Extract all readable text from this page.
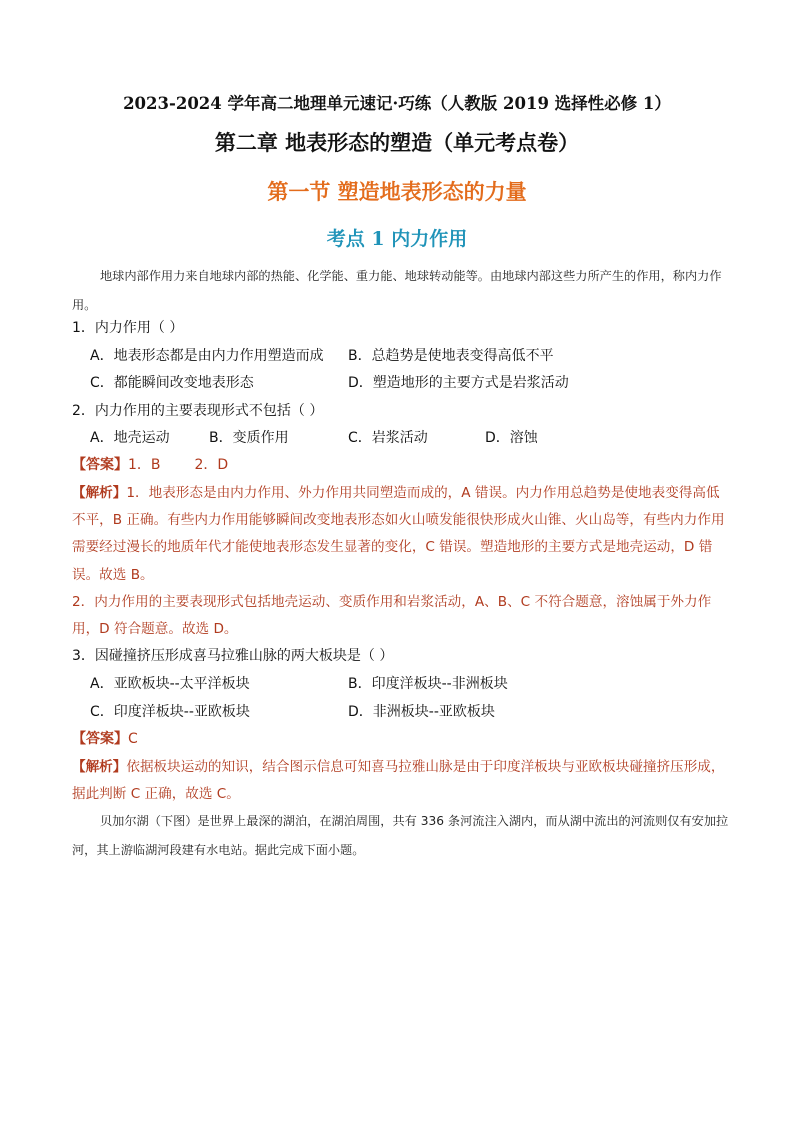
2023-2024 学年高二地理单元速记·巧练（人教版 2019 选择性必修 1）
第二章 地表形态的塑造（单元考点卷）
第一节 塑造地表形态的力量
考点 1 内力作用
地球内部作用力来自地球内部的热能、化学能、重力能、地球转动能等。由地球内部这些力所产生的作用，称内力作用。
1．内力作用（ ）
A．地表形态都是由内力作用塑造而成 B．总趋势是使地表变得高低不平
C．都能瞬间改变地表形态	D．塑造地形的主要方式是岩浆活动
2．内力作用的主要表现形式不包括（ ）
A．地壳运动	B．变质作用	C．岩浆活动	D．溶蚀
【答案】1．B 2．D
【解析】1．地表形态是由内力作用、外力作用共同塑造而成的，A 错误。内力作用总趋势是使地表变得高低不平，B 正确。有些内力作用能够瞬间改变地表形态如火山喷发能很快形成火山锥、火山岛等，有些内力作用需要经过漫长的地质年代才能使地表形态发生显著的变化，C 错误。塑造地形的主要方式是地壳运动，D 错误。故选 B。
2．内力作用的主要表现形式包括地壳运动、变质作用和岩浆活动，A、B、C 不符合题意，溶蚀属于外力作用，D 符合题意。故选 D。
3．因碰撞挤压形成喜马拉雅山脉的两大板块是（ ）
A．亚欧板块--太平洋板块	B．印度洋板块--非洲板块
C．印度洋板块--亚欧板块	D．非洲板块--亚欧板块
【答案】C
【解析】依据板块运动的知识，结合图示信息可知喜马拉雅山脉是由于印度洋板块与亚欧板块碰撞挤压形成，据此判断 C 正确，故选 C。
贝加尔湖（下图）是世界上最深的湖泊，在湖泊周围，共有 336 条河流注入湖内，而从湖中流出的河流则仅有安加拉河，其上游临湖河段建有水电站。据此完成下面小题。
